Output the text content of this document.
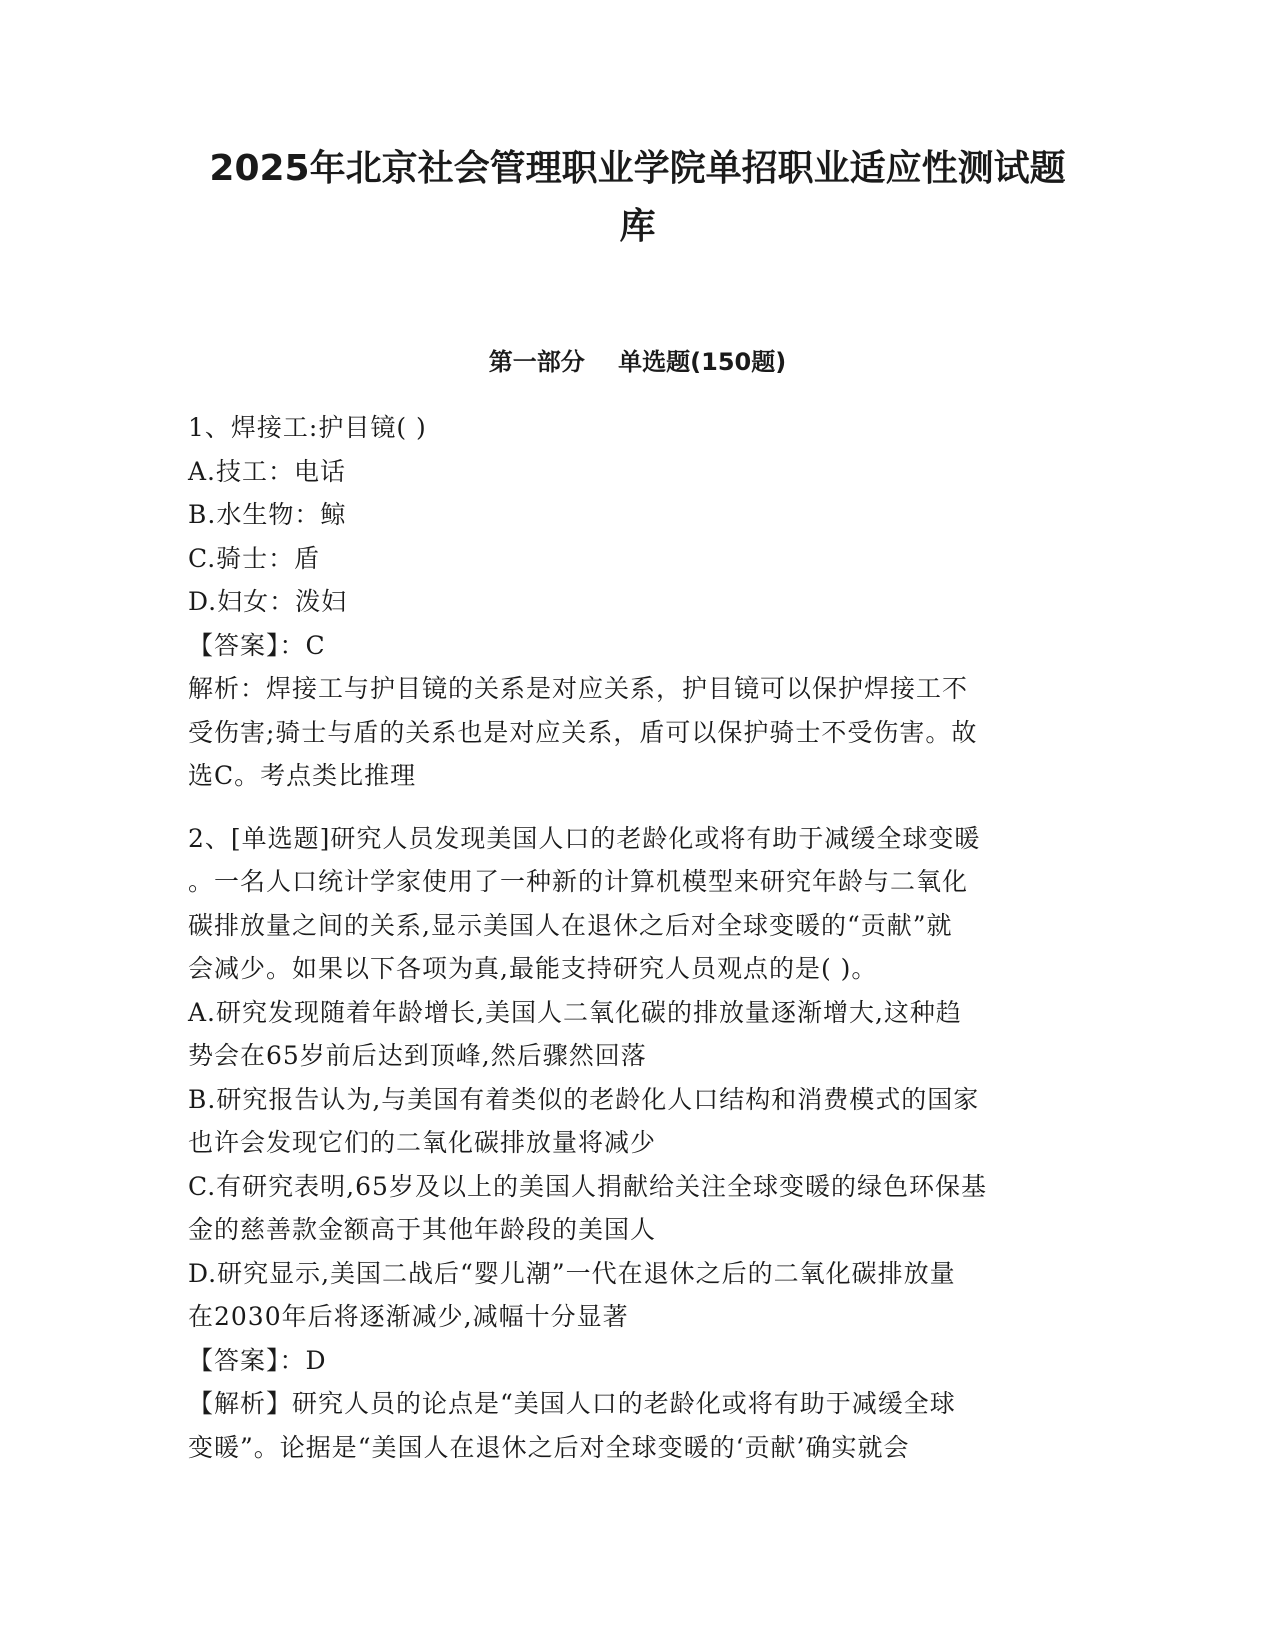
2025年北京社会管理职业学院单招职业适应性测试题
库
第一部分    单选题(150题)
1、焊接工:护目镜( )
A.技工：电话
B.水生物：鲸
C.骑士：盾
D.妇女：泼妇
【答案】：C
解析：焊接工与护目镜的关系是对应关系，护目镜可以保护焊接工不
受伤害;骑士与盾的关系也是对应关系，盾可以保护骑士不受伤害。故
选C。考点类比推理
2、[单选题]研究人员发现美国人口的老龄化或将有助于减缓全球变暖
。一名人口统计学家使用了一种新的计算机模型来研究年龄与二氧化
碳排放量之间的关系,显示美国人在退休之后对全球变暖的“贡献”就
会减少。如果以下各项为真,最能支持研究人员观点的是( )。
A.研究发现随着年龄增长,美国人二氧化碳的排放量逐渐增大,这种趋
势会在65岁前后达到顶峰,然后骤然回落
B.研究报告认为,与美国有着类似的老龄化人口结构和消费模式的国家
也许会发现它们的二氧化碳排放量将减少
C.有研究表明,65岁及以上的美国人捐献给关注全球变暖的绿色环保基
金的慈善款金额高于其他年龄段的美国人
D.研究显示,美国二战后“婴儿潮”一代在退休之后的二氧化碳排放量
在2030年后将逐渐减少,减幅十分显著
【答案】：D
【解析】研究人员的论点是“美国人口的老龄化或将有助于减缓全球
变暖”。论据是“美国人在退休之后对全球变暖的‘贡献’确实就会
